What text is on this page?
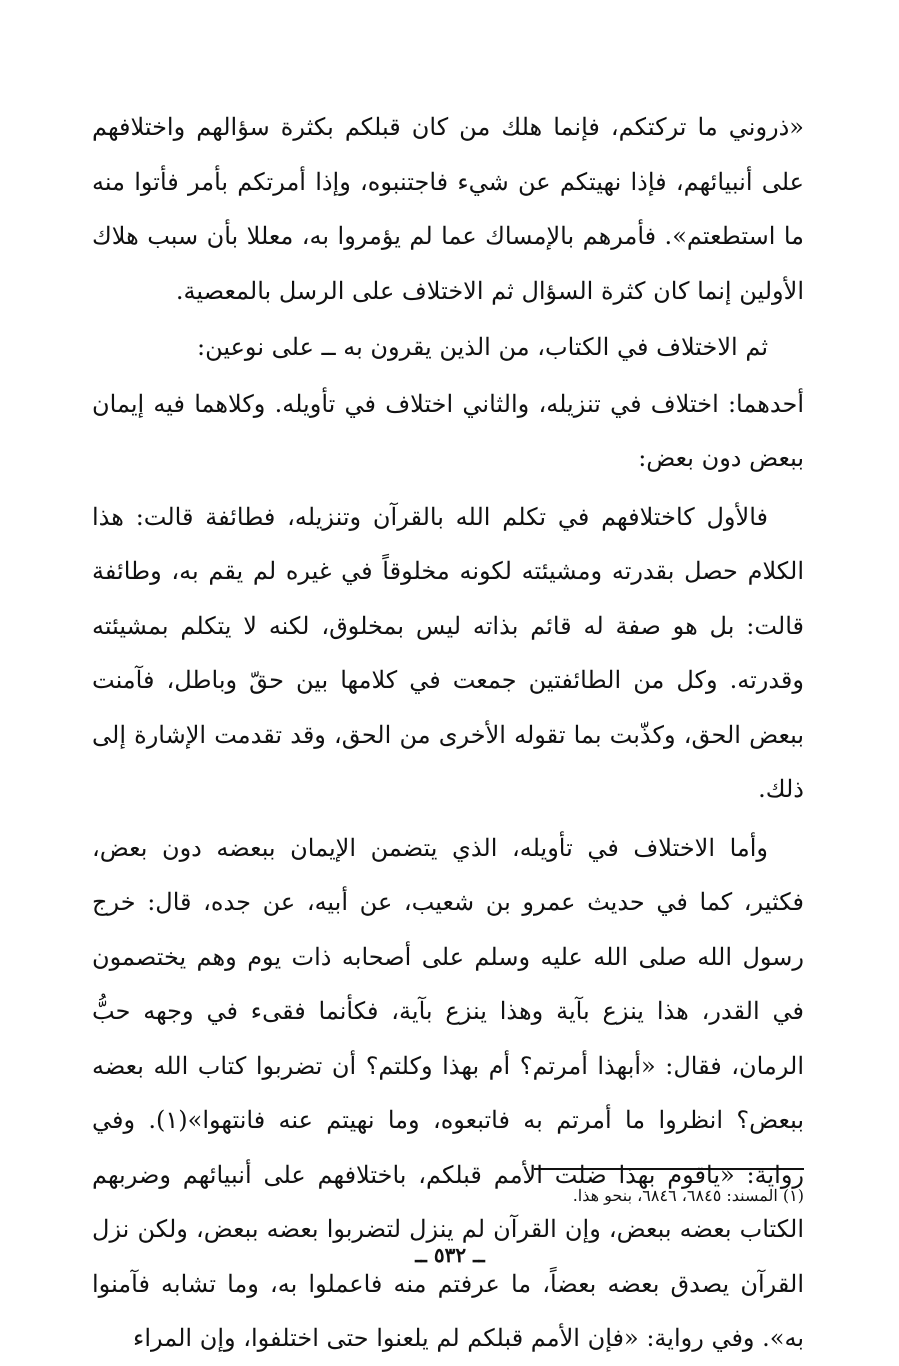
«ذروني ما تركتكم، فإنما هلك من كان قبلكم بكثرة سؤالهم واختلافهم على أنبيائهم، فإذا نهيتكم عن شيء فاجتنبوه، وإذا أمرتكم بأمر فأتوا منه ما استطعتم». فأمرهم بالإمساك عما لم يؤمروا به، معللا بأن سبب هلاك الأولين إنما كان كثرة السؤال ثم الاختلاف على الرسل بالمعصية.

ثم الاختلاف في الكتاب، من الذين يقرون به ــ على نوعين:

أحدهما: اختلاف في تنزيله، والثاني اختلاف في تأويله. وكلاهما فيه إيمان ببعض دون بعض:

فالأول كاختلافهم في تكلم الله بالقرآن وتنزيله، فطائفة قالت: هذا الكلام حصل بقدرته ومشيئته لكونه مخلوقاً في غيره لم يقم به، وطائفة قالت: بل هو صفة له قائم بذاته ليس بمخلوق، لكنه لا يتكلم بمشيئته وقدرته. وكل من الطائفتين جمعت في كلامها بين حقّ وباطل، فآمنت ببعض الحق، وكذّبت بما تقوله الأخرى من الحق، وقد تقدمت الإشارة إلى ذلك.

وأما الاختلاف في تأويله، الذي يتضمن الإيمان ببعضه دون بعض، فكثير، كما في حديث عمرو بن شعيب، عن أبيه، عن جده، قال: خرج رسول الله صلى الله عليه وسلم على أصحابه ذات يوم وهم يختصمون في القدر، هذا ينزع بآية وهذا ينزع بآية، فكأنما فقىء في وجهه حبُّ الرمان، فقال: «أبهذا أمرتم؟ أم بهذا وكلتم؟ أن تضربوا كتاب الله بعضه ببعض؟ انظروا ما أمرتم به فاتبعوه، وما نهيتم عنه فانتهوا»(١). وفي رواية: «ياقوم بهذا ضلت الأمم قبلكم، باختلافهم على أنبيائهم وضربهم الكتاب بعضه ببعض، وإن القرآن لم ينزل لتضربوا بعضه ببعض، ولكن نزل القرآن يصدق بعضه بعضاً، ما عرفتم منه فاعملوا به، وما تشابه فآمنوا به». وفي رواية: «فإن الأمم قبلكم لم يلعنوا حتى اختلفوا، وإن المراء

(١) المسند: ٦٨٤٥، ٦٨٤٦، بنحو هذا.
ــ ٥٣٢ ــ
